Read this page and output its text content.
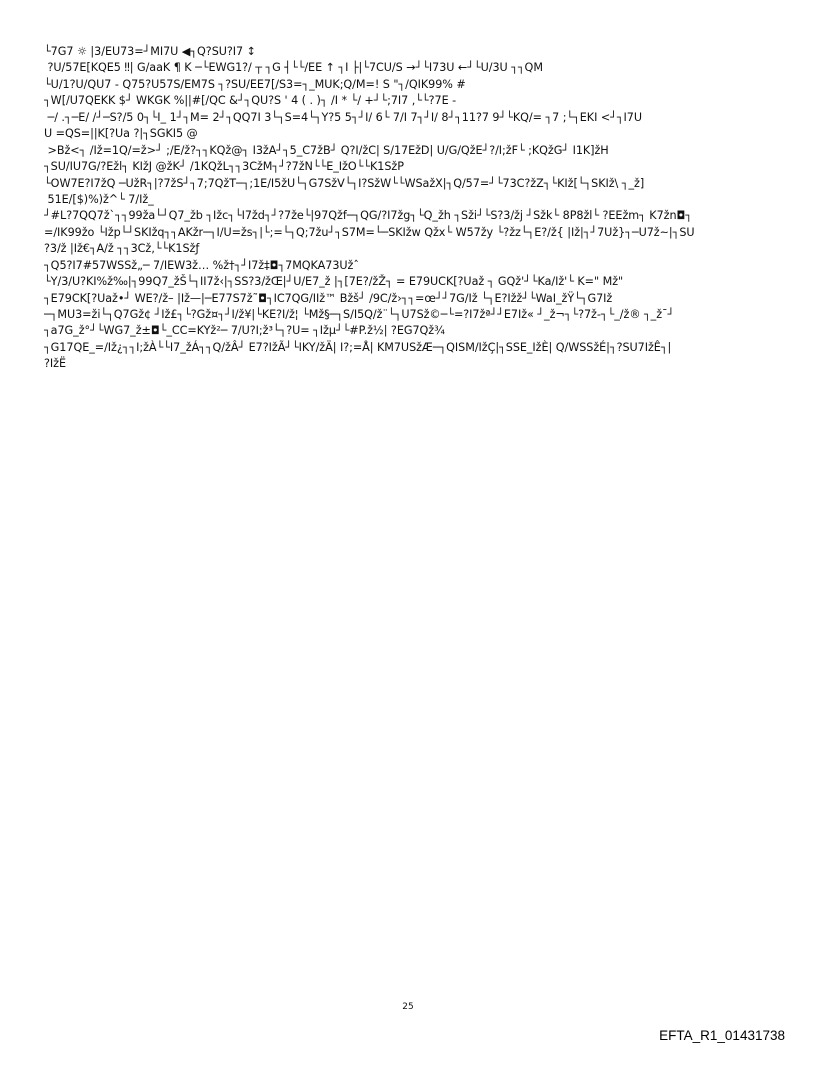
└7G7 ☼ |3/EU73=┘MI7U ◀┐Q?SU?I7 ↕
?U/57E[KQE5 ‼| G/aaK ¶ K ─└EWG1?/ ┬ ┐G ┤└└/EE ↑ ┐I ├|└7CU/S →┘└I73U ←┘└U/3U ┐┐QM
└U/1?U/QU7 - Q75?U57S/EM7S ┐?SU/EE7[/S3=┐_MUK;Q/M=! S "┐/QIK99% #
┐W[/U7QEKK $┘ WKGK %||#[/QC &┘┐QU?S ' 4 ( . )┐ /I * └/ +┘└;7I7 ,└└?7E -
─/ .┐─E/ /┘─S?/5 0┐└I_ 1┘┐M= 2┘┐QQ7I 3└┐S=4└┐Y?5 5┐┘I/ 6└ 7/I 7┐┘I/ 8┘┐11?7 9┘└KQ/= ┐7 ;└┐EKI <┘┐I7U
U =QS=||K[?Ua ?|┐SGKI5 @
>Bž<┐ /Iž=1Q/=ž>┘ ;/E/ž?┐┐KQž@┐ I3žA┘┐5_C7žB┘ Q?I/žC| S/17EžD| U/G/QžE┘?/I;žF└ ;KQžG┘ I1K]žH
┐SU/IU7G/?Ežl┐ KIžJ @žK┘ /1KQžL┐┐3CžM┐┘?7žN└└E_IžO└└K1SžP
└OW7E?I7žQ ─UžR┐|?7žS┘┐7;7QžT─┐;1E/I5žU└┐G7SžV└┐I?SžW└└WSažX|┐Q/57=┘└73C?žZ┐└KIž[└┐SKIž\ ┐_ž]
51E/[$)%)ž^└ 7/Iž_
┘#L?7QQ7ž`┐┐99ža└┘Q7_žb ┐Ižc┐└I7žd┐┘?7že└|97Qžf─┐QG/?I7žg┐└Q_žh ┐Sži┘└S?3/žj ┘Sžk└ 8P8žl└ ?EEžm┐ K7žn◘┐
=/IK99žo └Ižp└┘SKIžq┐┐AKžr─┐I/U=žs┐|└;=└┐Q;7žu┘┐S7M=└─SKIžw Qžx└ W57žy └?žz└┐E?/ž{ |Iž|┐┘7Už}┐─U7ž~|┐SU
?3/ž |Iž€┐A/ž ┐┐3Cž‚└└K1Sžƒ
┐Q5?I7#57WSSž„─ 7/IEW3ž… %ž†┐┘I7ž‡◘┐7MQKA73Užˆ
└Y/3/U?KI%ž‰|┐99Q7_žŠ└┐II7ž‹|┐SS?3/žŒ|┘U/E7_ž |┐[7E?/žŽ┐ = E79UCK[?Uaž ┐ GQž'┘└Ka/Iž'└ K=" Mž"
┐E79CK[?Uaž•┘ WE?/ž– |Iž—|─E77S7ž˜◘┐IC7QG/IIž™ Bžš┘ /9C/ž›┐┐=œ┘┘7G/Iž └┐E?Ižž┘└WaI_žŸ└┐G7Iž
─┐MU3=ži└┐Q7Gž¢ ┘Iž£┐└?Gž¤┐┘I/ž¥|└KE?I/ž¦ └Mž§─┐S/I5Q/ž¨└┐U7Sž©─└=?I7žª┘┘E7Iž« ┘_ž¬┐└?7ž-┐└_/ž® ┐_ž¯┘
┐a7G_ž°┘└WG7_ž±◘└_CC=KYž²─ 7/U?I;ž³└┐?U= ┐Ižµ┘└#P.ž½| ?EG7Qž¾
┐G17QE_=/Iž¿┐┐I;žÀ└└I7_žÁ┐┐Q/žÂ┘ E7?IžÃ┘└IKY/žÄ| I?;=Å| KM7USžÆ─┐QISM/IžÇ|┐SSE_IžÈ| Q/WSSžÉ|┐?SU7IžÊ┐|
?IžË
25
EFTA_R1_01431738
